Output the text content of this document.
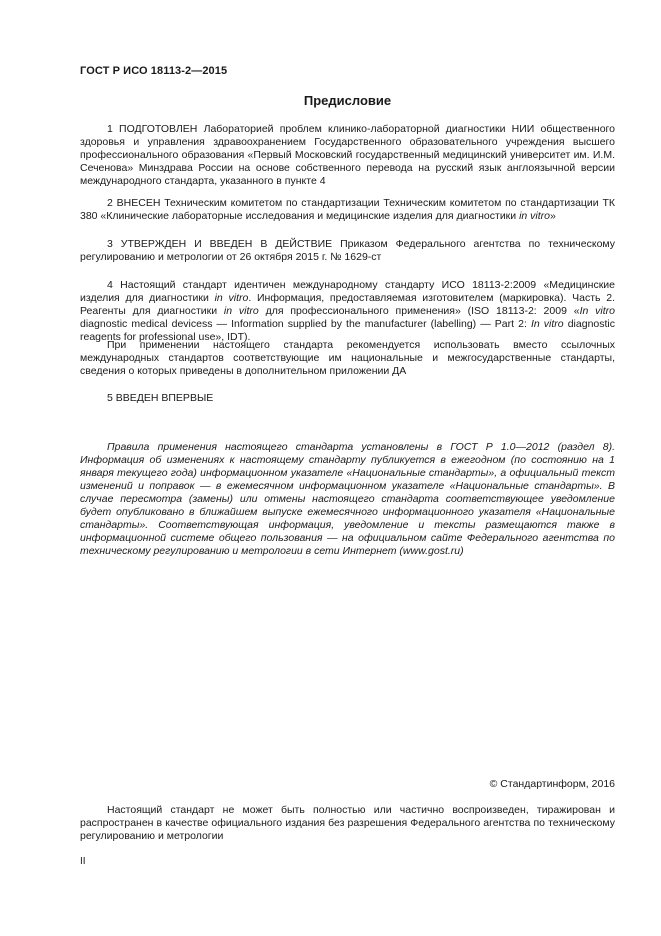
ГОСТ Р ИСО 18113-2—2015
Предисловие

1 ПОДГОТОВЛЕН Лабораторией проблем клинико-лабораторной диагностики НИИ общественного здоровья и управления здравоохранением Государственного образовательного учреждения высшего профессионального образования «Первый Московский государственный медицинский университет им. И.М. Сеченова» Минздрава России на основе собственного перевода на русский язык англоязычной версии международного стандарта, указанного в пункте 4

2 ВНЕСЕН Техническим комитетом по стандартизации Техническим комитетом по стандартизации ТК 380 «Клинические лабораторные исследования и медицинские изделия для диагностики in vitro»

3 УТВЕРЖДЕН И ВВЕДЕН В ДЕЙСТВИЕ Приказом Федерального агентства по техническому регулированию и метрологии от 26 октября 2015 г. № 1629-ст

4 Настоящий стандарт идентичен международному стандарту ИСО 18113-2:2009 «Медицинские изделия для диагностики in vitro. Информация, предоставляемая изготовителем (маркировка). Часть 2. Реагенты для диагностики in vitro для профессионального применения» (ISO 18113-2: 2009 «In vitro diagnostic medical devicess — Information supplied by the manufacturer (labelling) — Part 2: In vitro diagnostic reagents for professional use», IDT).

При применении настоящего стандарта рекомендуется использовать вместо ссылочных международных стандартов соответствующие им национальные и межгосударственные стандарты, сведения о которых приведены в дополнительном приложении ДА

5 ВВЕДЕН ВПЕРВЫЕ

Правила применения настоящего стандарта установлены в ГОСТ Р 1.0—2012 (раздел 8). Информация об изменениях к настоящему стандарту публикуется в ежегодном (по состоянию на 1 января текущего года) информационном указателе «Национальные стандарты», а официальный текст изменений и поправок — в ежемесячном информационном указателе «Национальные стандарты». В случае пересмотра (замены) или отмены настоящего стандарта соответствующее уведомление будет опубликовано в ближайшем выпуске ежемесячного информационного указателя «Национальные стандарты». Соответствующая информация, уведомление и тексты размещаются также в информационной системе общего пользования — на официальном сайте Федерального агентства по техническому регулированию и метрологии в сети Интернет (www.gost.ru)

© Стандартинформ, 2016

Настоящий стандарт не может быть полностью или частично воспроизведен, тиражирован и распространен в качестве официального издания без разрешения Федерального агентства по техническому регулированию и метрологии

II
